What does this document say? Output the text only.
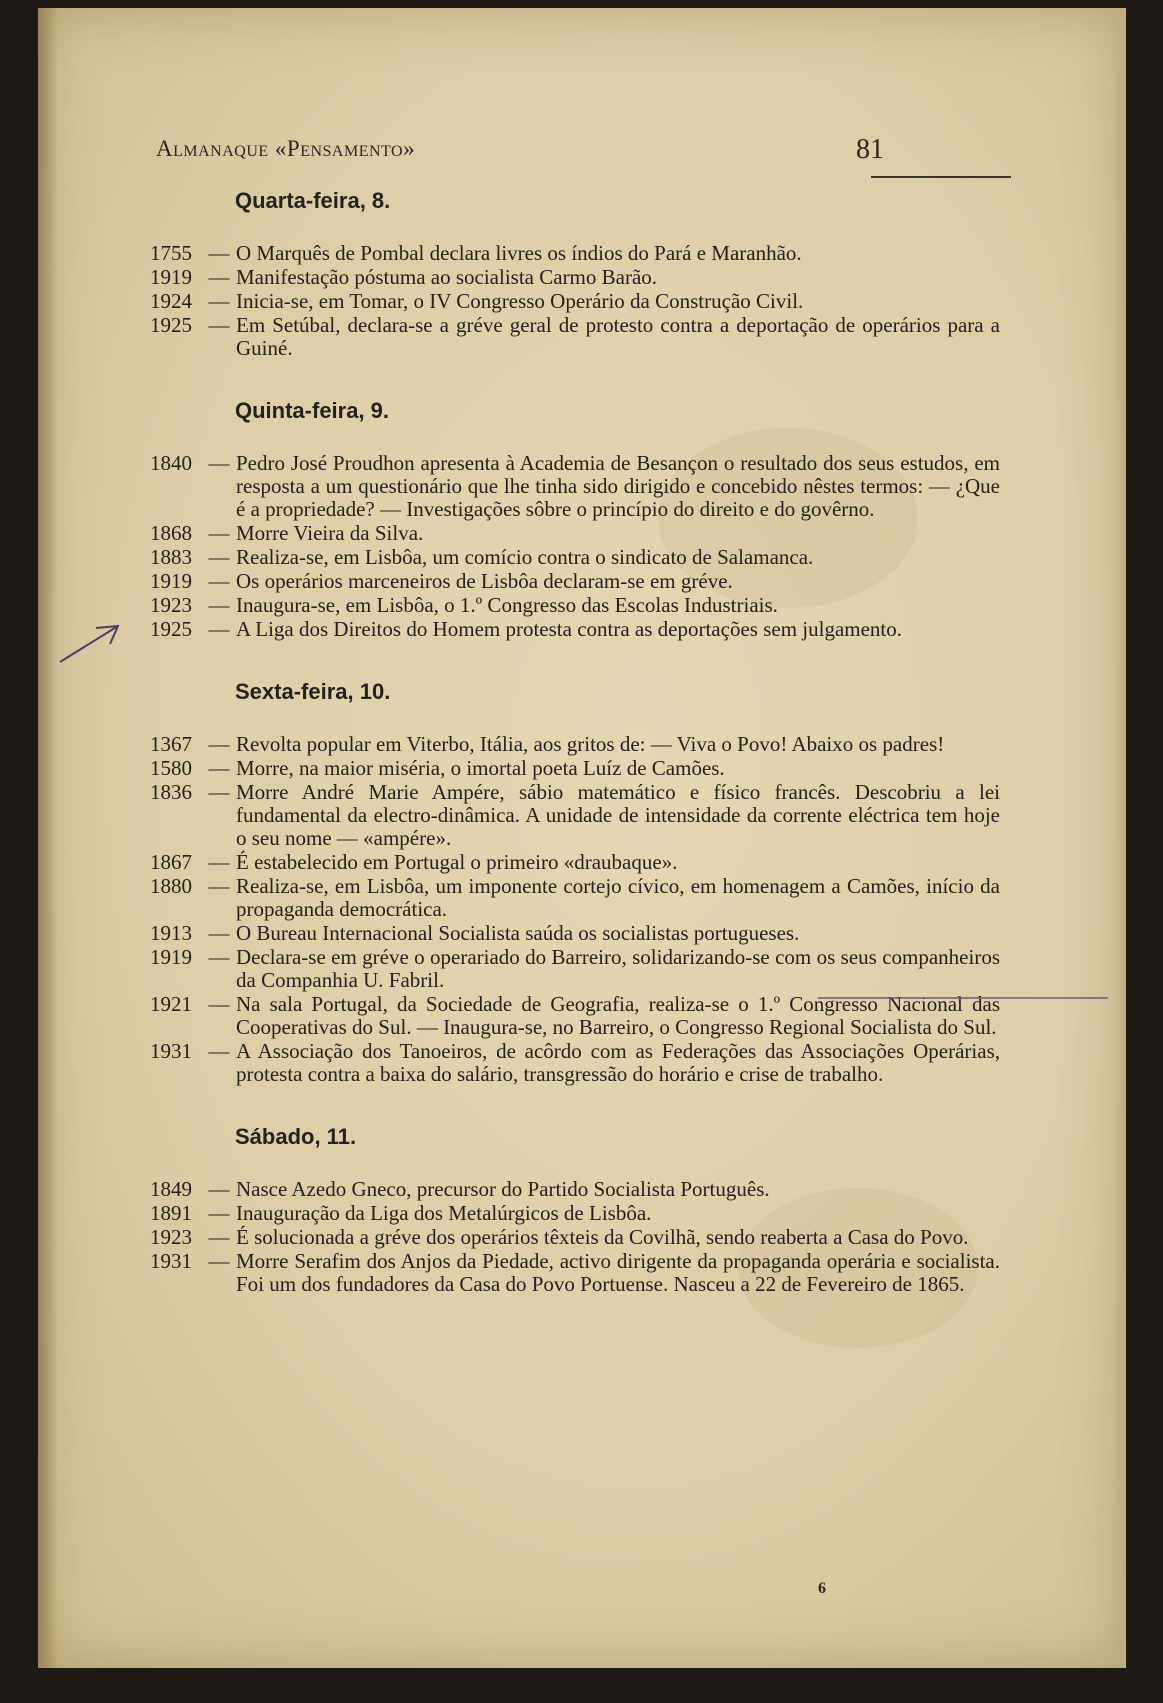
Almanaque «Pensamento»	81
Quarta-feira, 8.
1755 — O Marquês de Pombal declara livres os índios do Pará e Maranhão.
1919 — Manifestação póstuma ao socialista Carmo Barão.
1924 — Inicia-se, em Tomar, o IV Congresso Operário da Construção Civil.
1925 — Em Setúbal, declara-se a gréve geral de protesto contra a deportação de operários para a Guiné.
Quinta-feira, 9.
1840 — Pedro José Proudhon apresenta à Academia de Besançon o resultado dos seus estudos, em resposta a um questionário que lhe tinha sido dirigido e concebido nêstes termos: — ¿Que é a propriedade? — Investigações sôbre o princípio do direito e do govêrno.
1868 — Morre Vieira da Silva.
1883 — Realiza-se, em Lisbôa, um comício contra o sindicato de Salamanca.
1919 — Os operários marceneiros de Lisbôa declaram-se em gréve.
1923 — Inaugura-se, em Lisbôa, o 1.º Congresso das Escolas Industriais.
1925 — A Liga dos Direitos do Homem protesta contra as deportações sem julgamento.
Sexta-feira, 10.
1367 — Revolta popular em Viterbo, Itália, aos gritos de: — Viva o Povo! Abaixo os padres!
1580 — Morre, na maior miséria, o imortal poeta Luíz de Camões.
1836 — Morre André Marie Ampére, sábio matemático e físico francês. Descobriu a lei fundamental da electro-dinâmica. A unidade de intensidade da corrente eléctrica tem hoje o seu nome — «ampére».
1867 — É estabelecido em Portugal o primeiro «draubaque».
1880 — Realiza-se, em Lisbôa, um imponente cortejo cívico, em homenagem a Camões, início da propaganda democrática.
1913 — O Bureau Internacional Socialista saúda os socialistas portugueses.
1919 — Declara-se em gréve o operariado do Barreiro, solidarizando-se com os seus companheiros da Companhia U. Fabril.
1921 — Na sala Portugal, da Sociedade de Geografia, realiza-se o 1.º Congresso Nacional das Cooperativas do Sul. — Inaugura-se, no Barreiro, o Congresso Regional Socialista do Sul.
1931 — A Associação dos Tanoeiros, de acôrdo com as Federações das Associações Operárias, protesta contra a baixa do salário, transgressão do horário e crise de trabalho.
Sábado, 11.
1849 — Nasce Azedo Gneco, precursor do Partido Socialista Português.
1891 — Inauguração da Liga dos Metalúrgicos de Lisbôa.
1923 — É solucionada a gréve dos operários têxteis da Covilhã, sendo reaberta a Casa do Povo.
1931 — Morre Serafim dos Anjos da Piedade, activo dirigente da propaganda operária e socialista. Foi um dos fundadores da Casa do Povo Portuense. Nasceu a 22 de Fevereiro de 1865.
6
